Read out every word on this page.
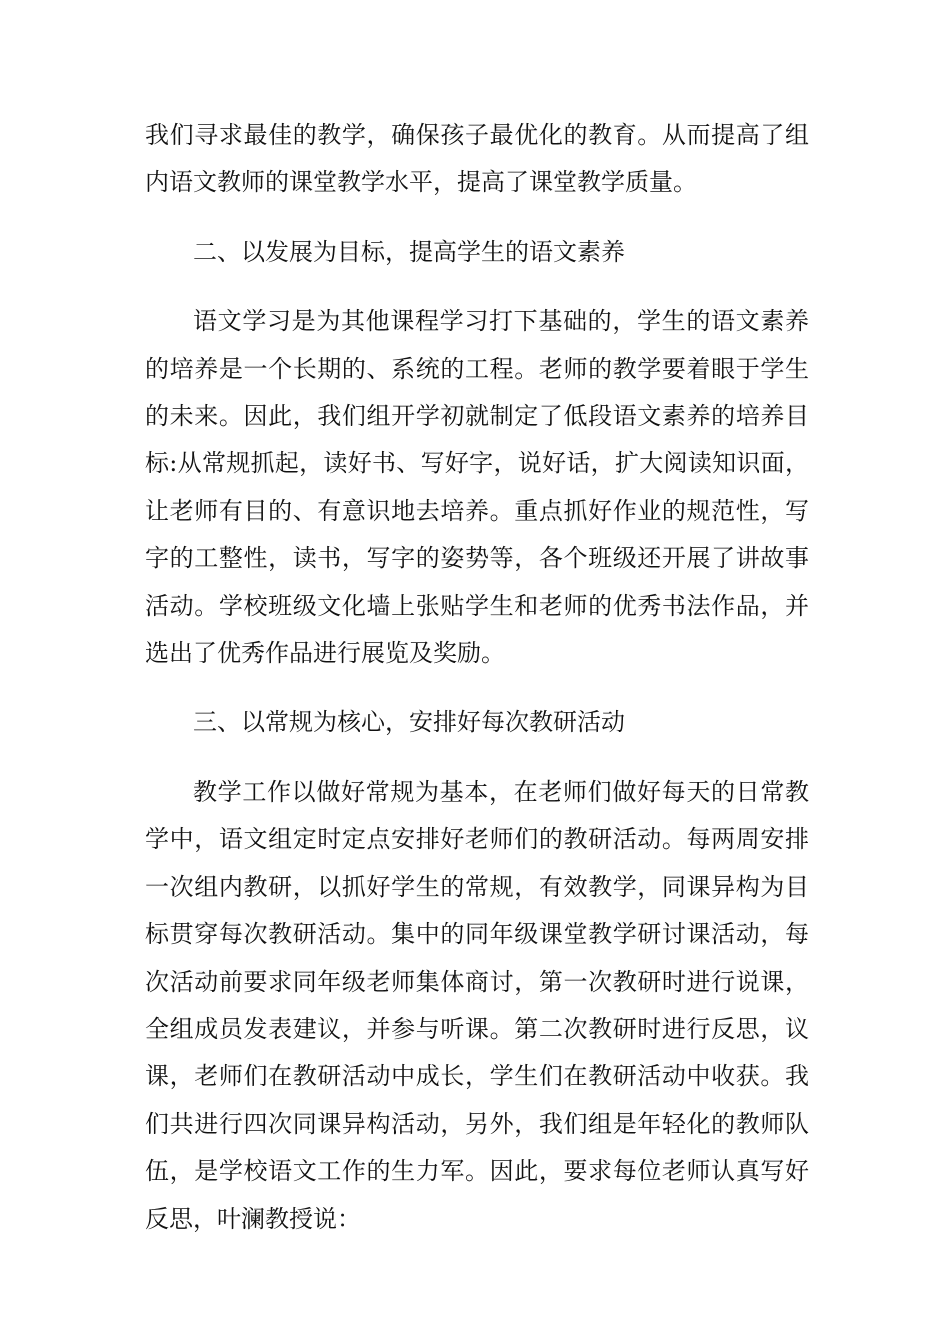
我们寻求最佳的教学，确保孩子最优化的教育。从而提高了组内语文教师的课堂教学水平，提高了课堂教学质量。

二、以发展为目标，提高学生的语文素养

语文学习是为其他课程学习打下基础的，学生的语文素养的培养是一个长期的、系统的工程。老师的教学要着眼于学生的未来。因此，我们组开学初就制定了低段语文素养的培养目标:从常规抓起，读好书、写好字，说好话，扩大阅读知识面，让老师有目的、有意识地去培养。重点抓好作业的规范性，写字的工整性，读书，写字的姿势等，各个班级还开展了讲故事活动。学校班级文化墙上张贴学生和老师的优秀书法作品，并选出了优秀作品进行展览及奖励。

三、以常规为核心，安排好每次教研活动

教学工作以做好常规为基本，在老师们做好每天的日常教学中，语文组定时定点安排好老师们的教研活动。每两周安排一次组内教研，以抓好学生的常规，有效教学，同课异构为目标贯穿每次教研活动。集中的同年级课堂教学研讨课活动，每次活动前要求同年级老师集体商讨，第一次教研时进行说课，全组成员发表建议，并参与听课。第二次教研时进行反思，议课，老师们在教研活动中成长，学生们在教研活动中收获。我们共进行四次同课异构活动，另外，我们组是年轻化的教师队伍，是学校语文工作的生力军。因此，要求每位老师认真写好反思，叶澜教授说：
